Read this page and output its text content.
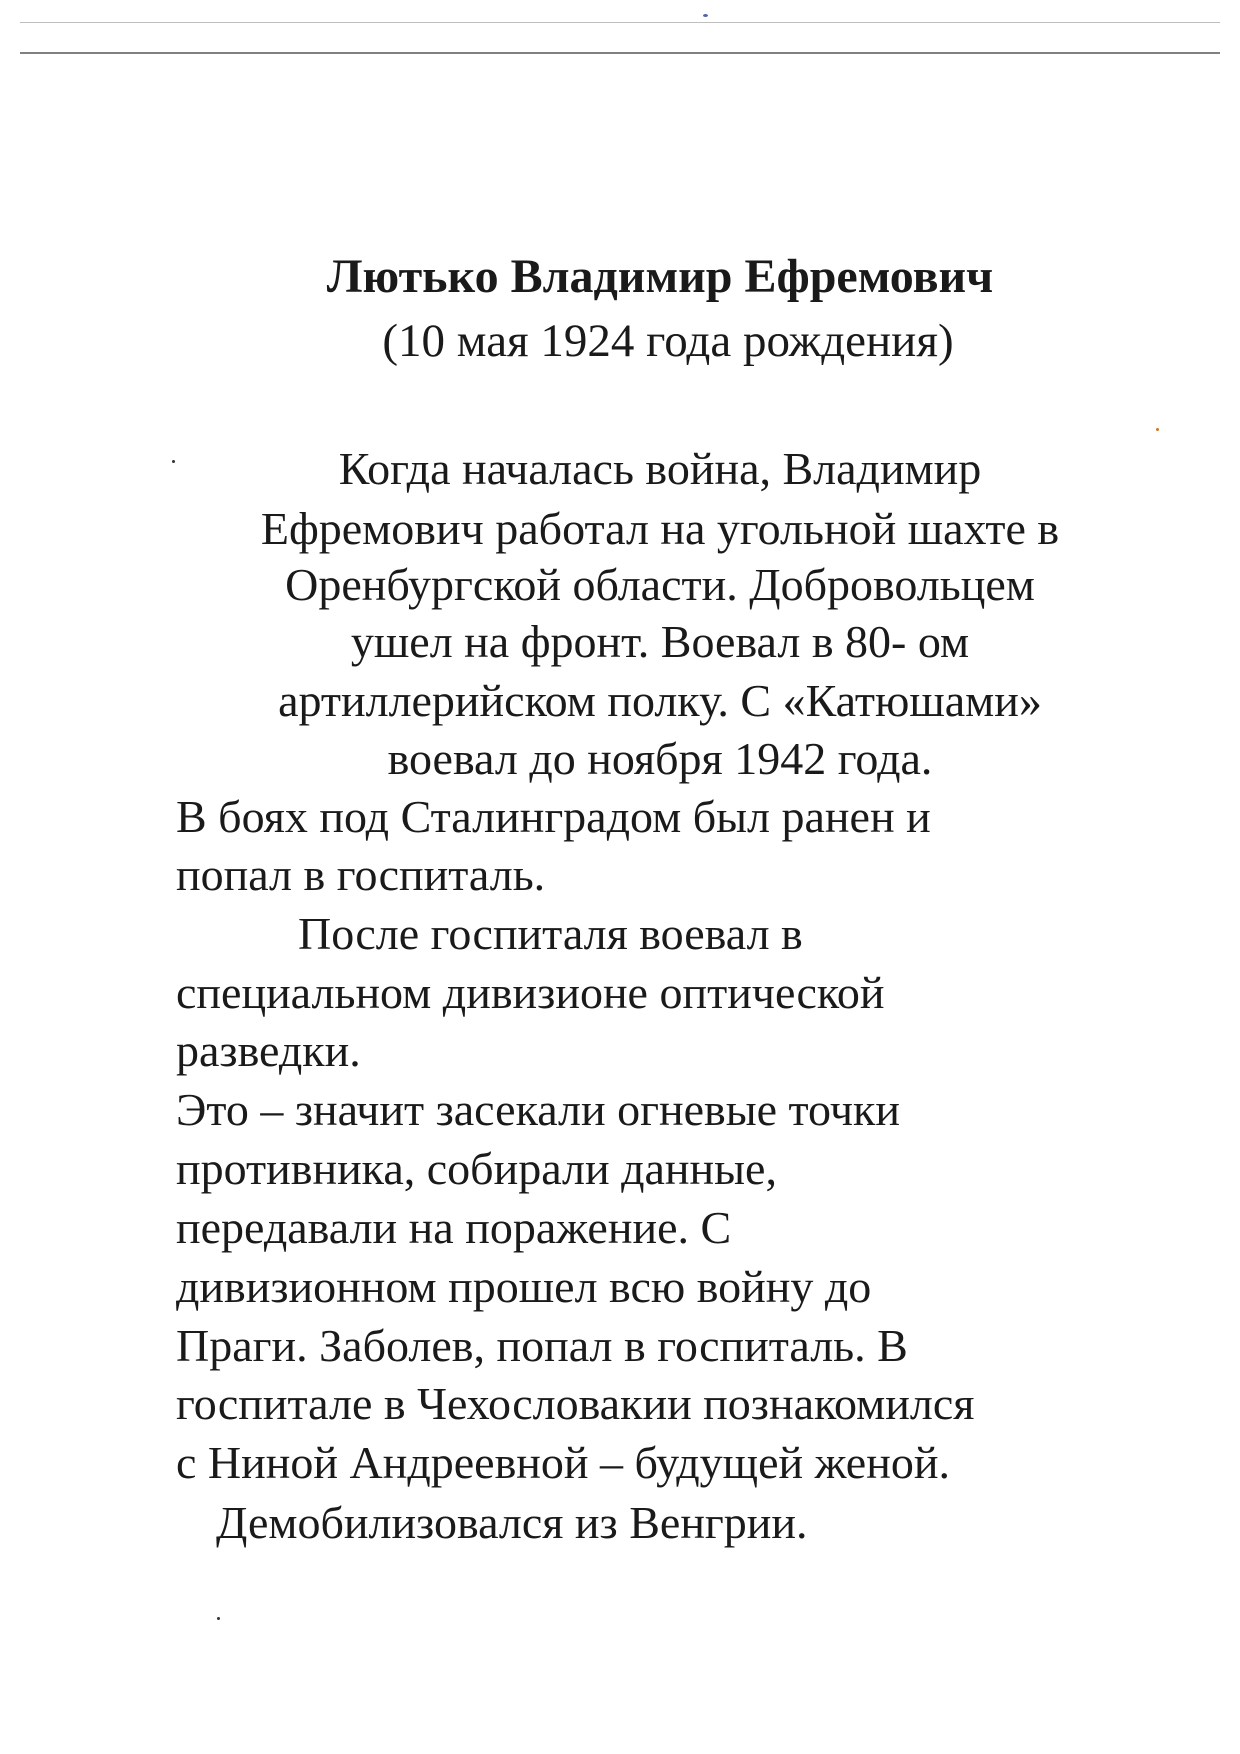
Лютько Владимир Ефремович
(10 мая 1924 года рождения)
Когда началась война, Владимир
Ефремович работал на угольной шахте в
Оренбургской области. Добровольцем
ушел на фронт. Воевал в 80- ом
артиллерийском полку. С «Катюшами»
воевал до ноября 1942 года.
В боях под Сталинградом был ранен и
попал в госпиталь.
После госпиталя воевал в
специальном дивизионе оптической
разведки.
Это – значит засекали огневые точки
противника, собирали данные,
передавали на поражение. С
дивизионном прошел всю войну до
Праги. Заболев, попал в госпиталь. В
госпитале в Чехословакии познакомился
с Ниной Андреевной – будущей женой.
Демобилизовался из Венгрии.
